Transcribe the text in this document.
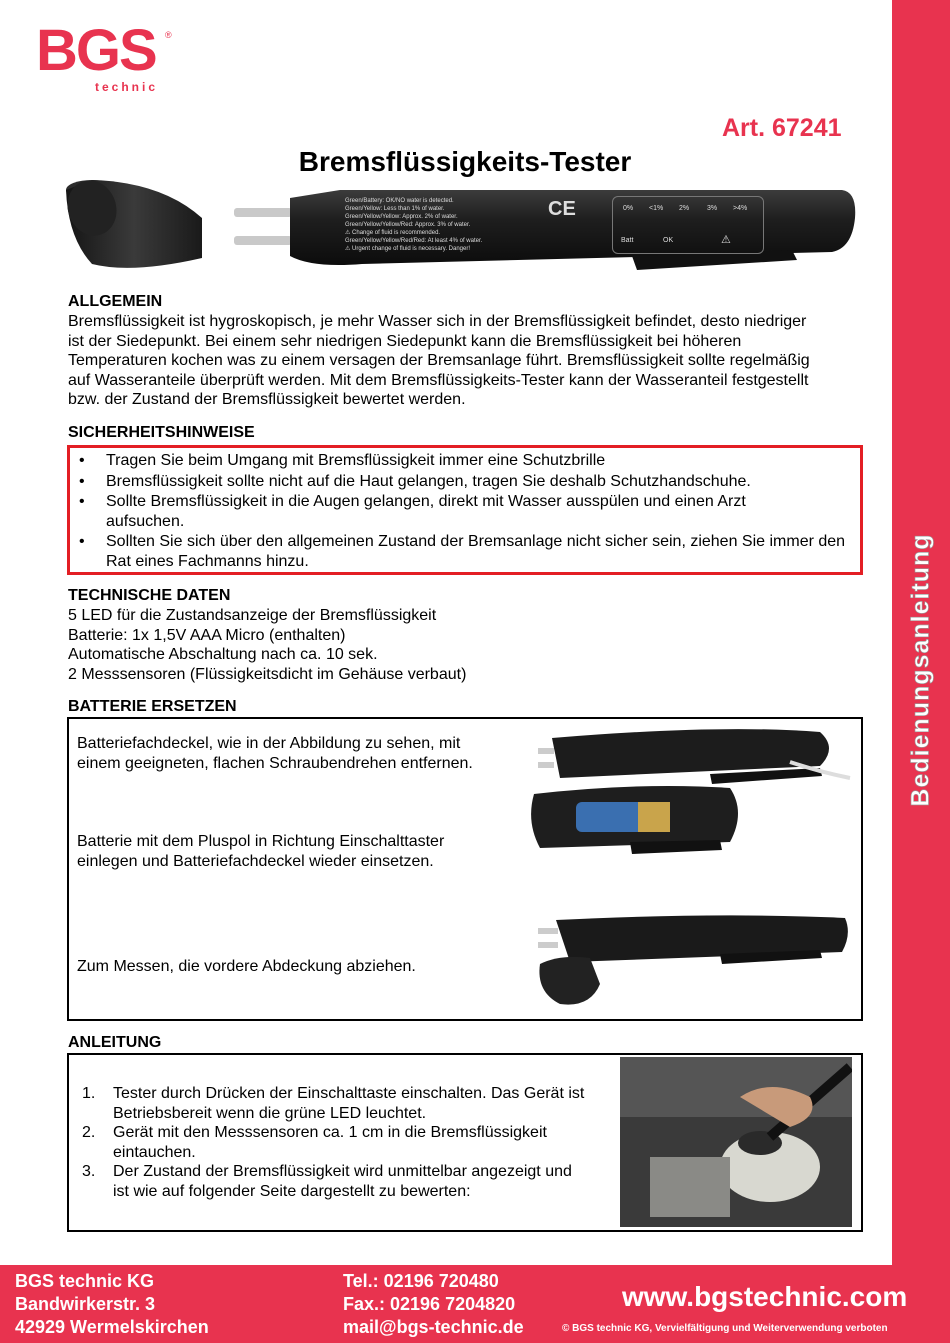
Bedienungsanleitung
BGS ®
technic
Art. 67241
Bremsflüssigkeits-Tester
Green/Battery: OK/NO water is detected.
Green/Yellow: Less than 1% of water.
Green/Yellow/Yellow: Approx. 2% of water.
Green/Yellow/Yellow/Red: Approx. 3% of water.
⚠ Change of fluid is recommended.
Green/Yellow/Yellow/Red/Red: At least 4% of water.
⚠ Urgent change of fluid is necessary. Danger!
CE	0% <1% 2%	3% >4%
Batt	OK	⚠
ALLGEMEIN
Bremsflüssigkeit ist hygroskopisch, je mehr Wasser sich in der Bremsflüssigkeit befindet, desto niedriger
ist der Siedepunkt. Bei einem sehr niedrigen Siedepunkt kann die Bremsflüssigkeit bei höheren
Temperaturen kochen was zu einem versagen der Bremsanlage führt. Bremsflüssigkeit sollte regelmäßig
auf Wasseranteile überprüft werden. Mit dem Bremsflüssigkeits-Tester kann der Wasseranteil festgestellt
bzw. der Zustand der Bremsflüssigkeit bewertet werden.
SICHERHEITSHINWEISE
• Tragen Sie beim Umgang mit Bremsflüssigkeit immer eine Schutzbrille
• Bremsflüssigkeit sollte nicht auf die Haut gelangen, tragen Sie deshalb Schutzhandschuhe.
• Sollte Bremsflüssigkeit in die Augen gelangen, direkt mit Wasser ausspülen und einen Arzt aufsuchen.
• Sollten Sie sich über den allgemeinen Zustand der Bremsanlage nicht sicher sein, ziehen Sie immer den Rat eines Fachmanns hinzu.
TECHNISCHE DATEN
5 LED für die Zustandsanzeige der Bremsflüssigkeit
Batterie: 1x 1,5V AAA Micro (enthalten)
Automatische Abschaltung nach ca. 10 sek.
2 Messsensoren (Flüssigkeitsdicht im Gehäuse verbaut)
BATTERIE ERSETZEN
Batteriefachdeckel, wie in der Abbildung zu sehen, mit
einem geeigneten, flachen Schraubendrehen entfernen.
Batterie mit dem Pluspol in Richtung Einschalttaster
einlegen und Batteriefachdeckel wieder einsetzen.
Zum Messen, die vordere Abdeckung abziehen.
ANLEITUNG
1. Tester durch Drücken der Einschalttaste einschalten. Das Gerät ist Betriebsbereit wenn die grüne LED leuchtet.
2. Gerät mit den Messsensoren ca. 1 cm in die Bremsflüssigkeit eintauchen.
3. Der Zustand der Bremsflüssigkeit wird unmittelbar angezeigt und ist wie auf folgender Seite dargestellt zu bewerten:
BGS technic KG
Bandwirkerstr. 3
42929 Wermelskirchen
Tel.: 02196 720480
Fax.: 02196 7204820
mail@bgs-technic.de
www.bgstechnic.com
© BGS technic KG, Vervielfältigung und Weiterverwendung verboten
